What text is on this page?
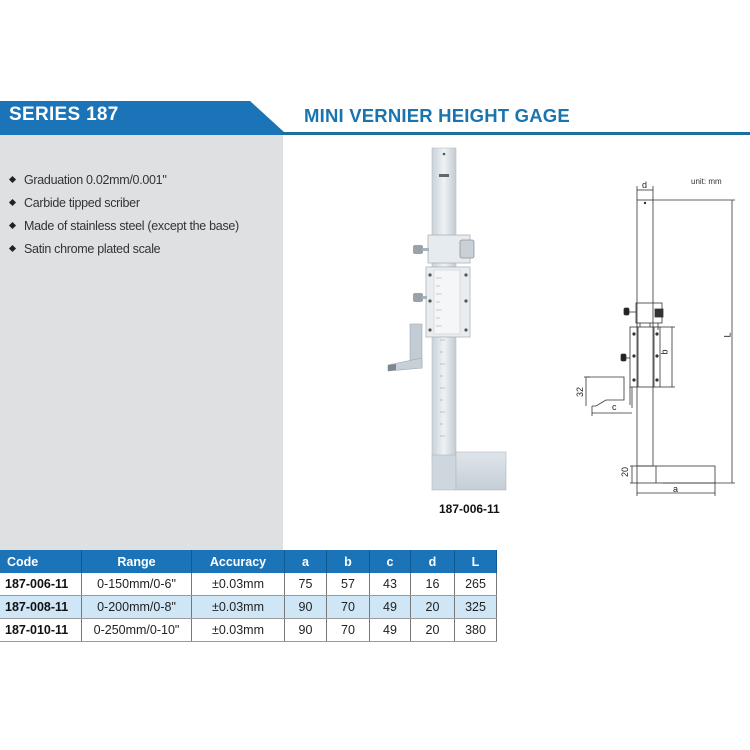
SERIES 187	MINI VERNIER HEIGHT GAGE
Graduation 0.02mm/0.001"
Carbide tipped scriber
Made of stainless steel (except the base)
Satin chrome plated scale
187-006-11
unit: mm
d
L
b
c
32
20
a
Code	Range	Accuracy	a	b	c	d	L
187-006-11	0-150mm/0-6"	±0.03mm	75	57	43	16	265
187-008-11	0-200mm/0-8"	±0.03mm	90	70	49	20	325
187-010-11	0-250mm/0-10"	±0.03mm	90	70	49	20	380
